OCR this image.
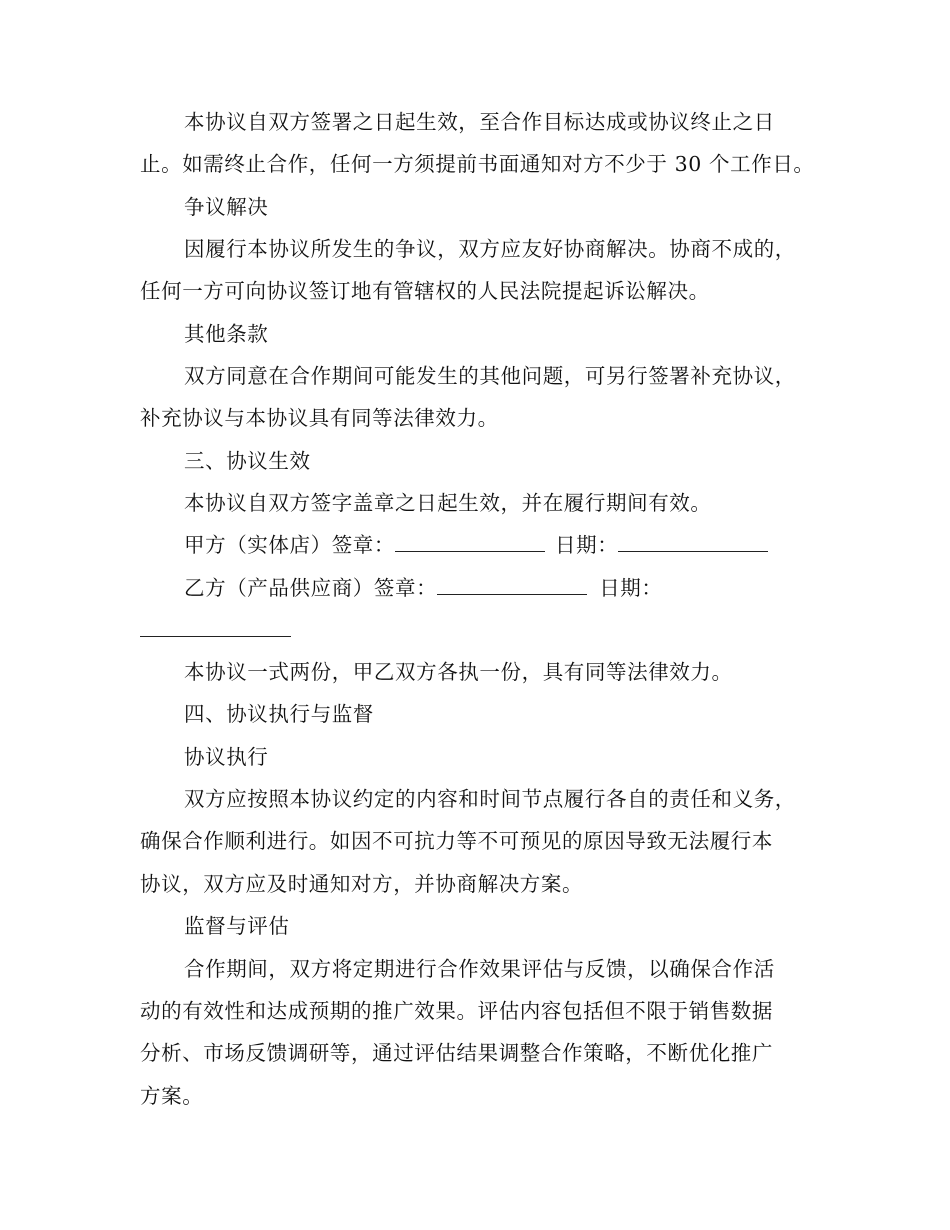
本协议自双方签署之日起生效，至合作目标达成或协议终止之日
止。如需终止合作，任何一方须提前书面通知对方不少于 30 个工作日。
争议解决
因履行本协议所发生的争议，双方应友好协商解决。协商不成的，
任何一方可向协议签订地有管辖权的人民法院提起诉讼解决。
其他条款
双方同意在合作期间可能发生的其他问题，可另行签署补充协议，
补充协议与本协议具有同等法律效力。
三、协议生效
本协议自双方签字盖章之日起生效，并在履行期间有效。
甲方（实体店）签章：	日期：
乙方（产品供应商）签章：	日期：
本协议一式两份，甲乙双方各执一份，具有同等法律效力。
四、协议执行与监督
协议执行
双方应按照本协议约定的内容和时间节点履行各自的责任和义务，
确保合作顺利进行。如因不可抗力等不可预见的原因导致无法履行本
协议，双方应及时通知对方，并协商解决方案。
监督与评估
合作期间，双方将定期进行合作效果评估与反馈，以确保合作活
动的有效性和达成预期的推广效果。评估内容包括但不限于销售数据
分析、市场反馈调研等，通过评估结果调整合作策略，不断优化推广
方案。
